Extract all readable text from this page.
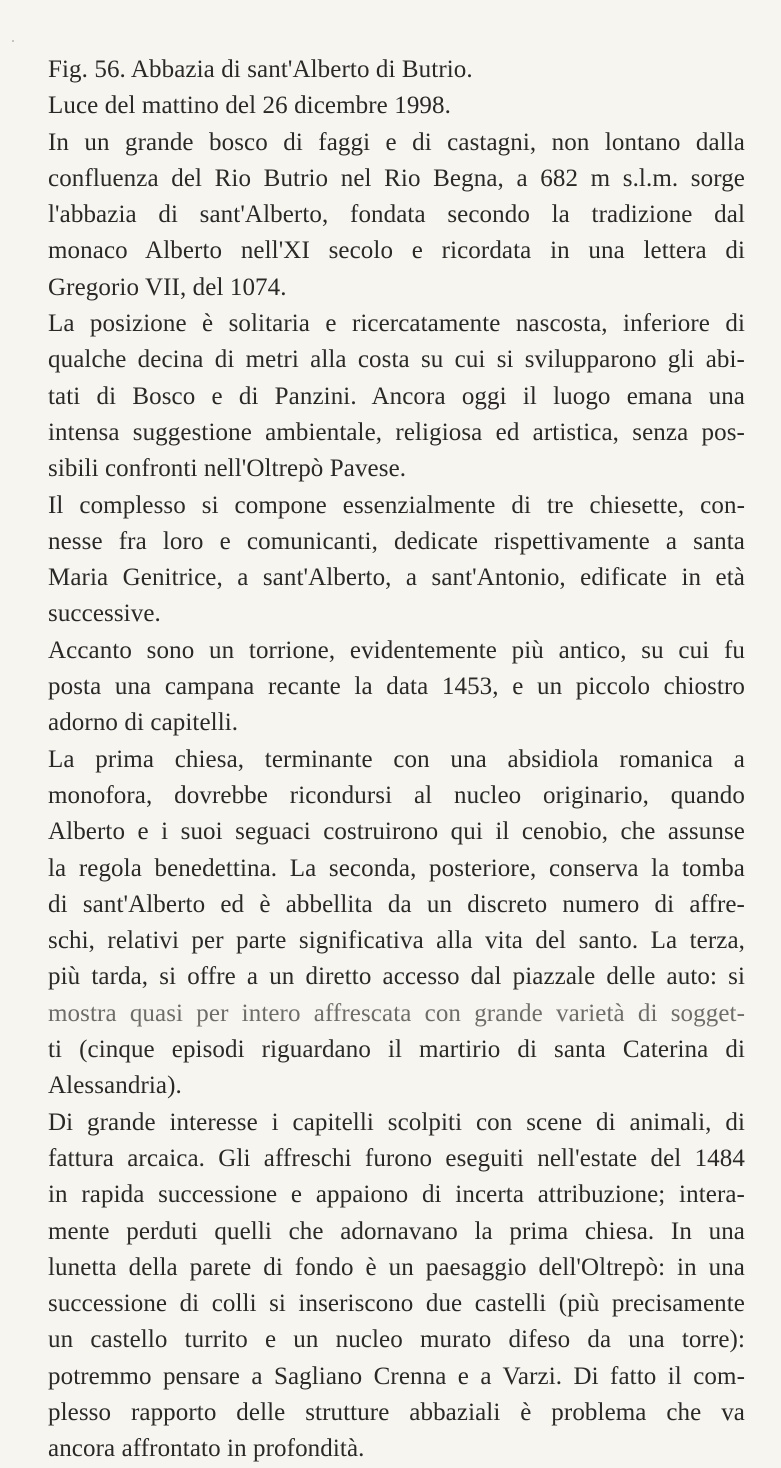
Fig. 56. Abbazia di sant'Alberto di Butrio.
Luce del mattino del 26 dicembre 1998.
In un grande bosco di faggi e di castagni, non lontano dalla
confluenza del Rio Butrio nel Rio Begna, a 682 m s.l.m. sorge
l'abbazia di sant'Alberto, fondata secondo la tradizione dal
monaco Alberto nell'XI secolo e ricordata in una lettera di
Gregorio VII, del 1074.
La posizione è solitaria e ricercatamente nascosta, inferiore di
qualche decina di metri alla costa su cui si svilupparono gli abi-
tati di Bosco e di Panzini. Ancora oggi il luogo emana una
intensa suggestione ambientale, religiosa ed artistica, senza pos-
sibili confronti nell'Oltrepò Pavese.
Il complesso si compone essenzialmente di tre chiesette, con-
nesse fra loro e comunicanti, dedicate rispettivamente a santa
Maria Genitrice, a sant'Alberto, a sant'Antonio, edificate in età
successive.
Accanto sono un torrione, evidentemente più antico, su cui fu
posta una campana recante la data 1453, e un piccolo chiostro
adorno di capitelli.
La prima chiesa, terminante con una absidiola romanica a
monofora, dovrebbe ricondursi al nucleo originario, quando
Alberto e i suoi seguaci costruirono qui il cenobio, che assunse
la regola benedettina. La seconda, posteriore, conserva la tomba
di sant'Alberto ed è abbellita da un discreto numero di affre-
schi, relativi per parte significativa alla vita del santo. La terza,
più tarda, si offre a un diretto accesso dal piazzale delle auto: si
mostra quasi per intero affrescata con grande varietà di sogget-
ti (cinque episodi riguardano il martirio di santa Caterina di
Alessandria).
Di grande interesse i capitelli scolpiti con scene di animali, di
fattura arcaica. Gli affreschi furono eseguiti nell'estate del 1484
in rapida successione e appaiono di incerta attribuzione; intera-
mente perduti quelli che adornavano la prima chiesa. In una
lunetta della parete di fondo è un paesaggio dell'Oltrepò: in una
successione di colli si inseriscono due castelli (più precisamente
un castello turrito e un nucleo murato difeso da una torre):
potremmo pensare a Sagliano Crenna e a Varzi. Di fatto il com-
plesso rapporto delle strutture abbaziali è problema che va
ancora affrontato in profondità.
